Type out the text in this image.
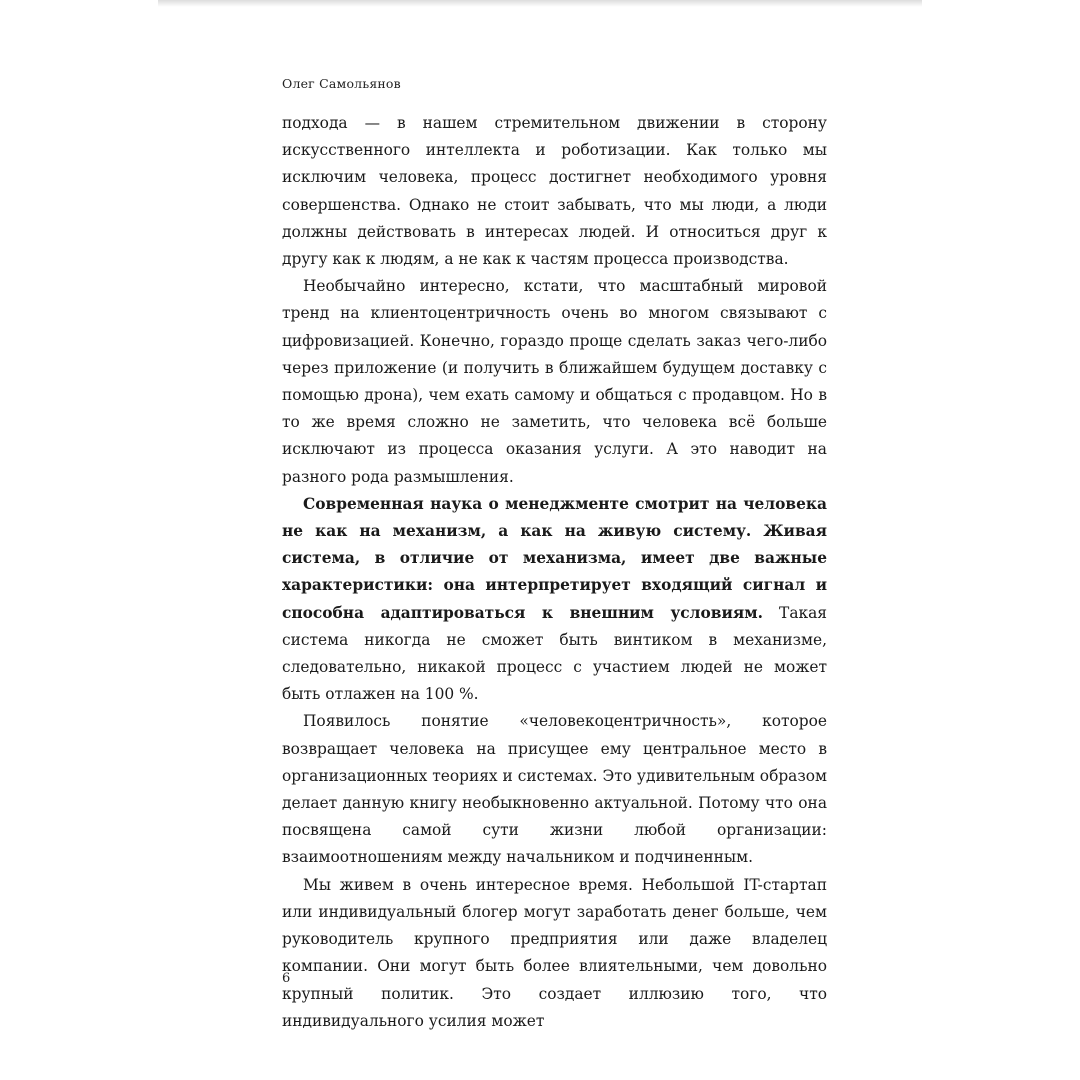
Олег Самольянов

подхода — в нашем стремительном движении в сторону искусственного интеллекта и роботизации. Как только мы исключим человека, процесс достигнет необходимого уровня совершенства. Однако не стоит забывать, что мы люди, а люди должны действовать в интересах людей. И относиться друг к другу как к людям, а не как к частям процесса производства.

Необычайно интересно, кстати, что масштабный мировой тренд на клиентоцентричность очень во многом связывают с цифровизацией. Конечно, гораздо проще сделать заказ чего-либо через приложение (и получить в ближайшем будущем доставку с помощью дрона), чем ехать самому и общаться с продавцом. Но в то же время сложно не заметить, что человека всё больше исключают из процесса оказания услуги. А это наводит на разного рода размышления.

Современная наука о менеджменте смотрит на человека не как на механизм, а как на живую систему. Живая система, в отличие от механизма, имеет две важные характеристики: она интерпретирует входящий сигнал и способна адаптироваться к внешним условиям. Такая система никогда не сможет быть винтиком в механизме, следовательно, никакой процесс с участием людей не может быть отлажен на 100 %.

Появилось понятие «человекоцентричность», которое возвращает человека на присущее ему центральное место в организационных теориях и системах. Это удивительным образом делает данную книгу необыкновенно актуальной. Потому что она посвящена самой сути жизни любой организации: взаимоотношениям между начальником и подчиненным.

Мы живем в очень интересное время. Небольшой IT-стартап или индивидуальный блогер могут заработать денег больше, чем руководитель крупного предприятия или даже владелец компании. Они могут быть более влиятельными, чем довольно крупный политик. Это создает иллюзию того, что индивидуального усилия может

6
